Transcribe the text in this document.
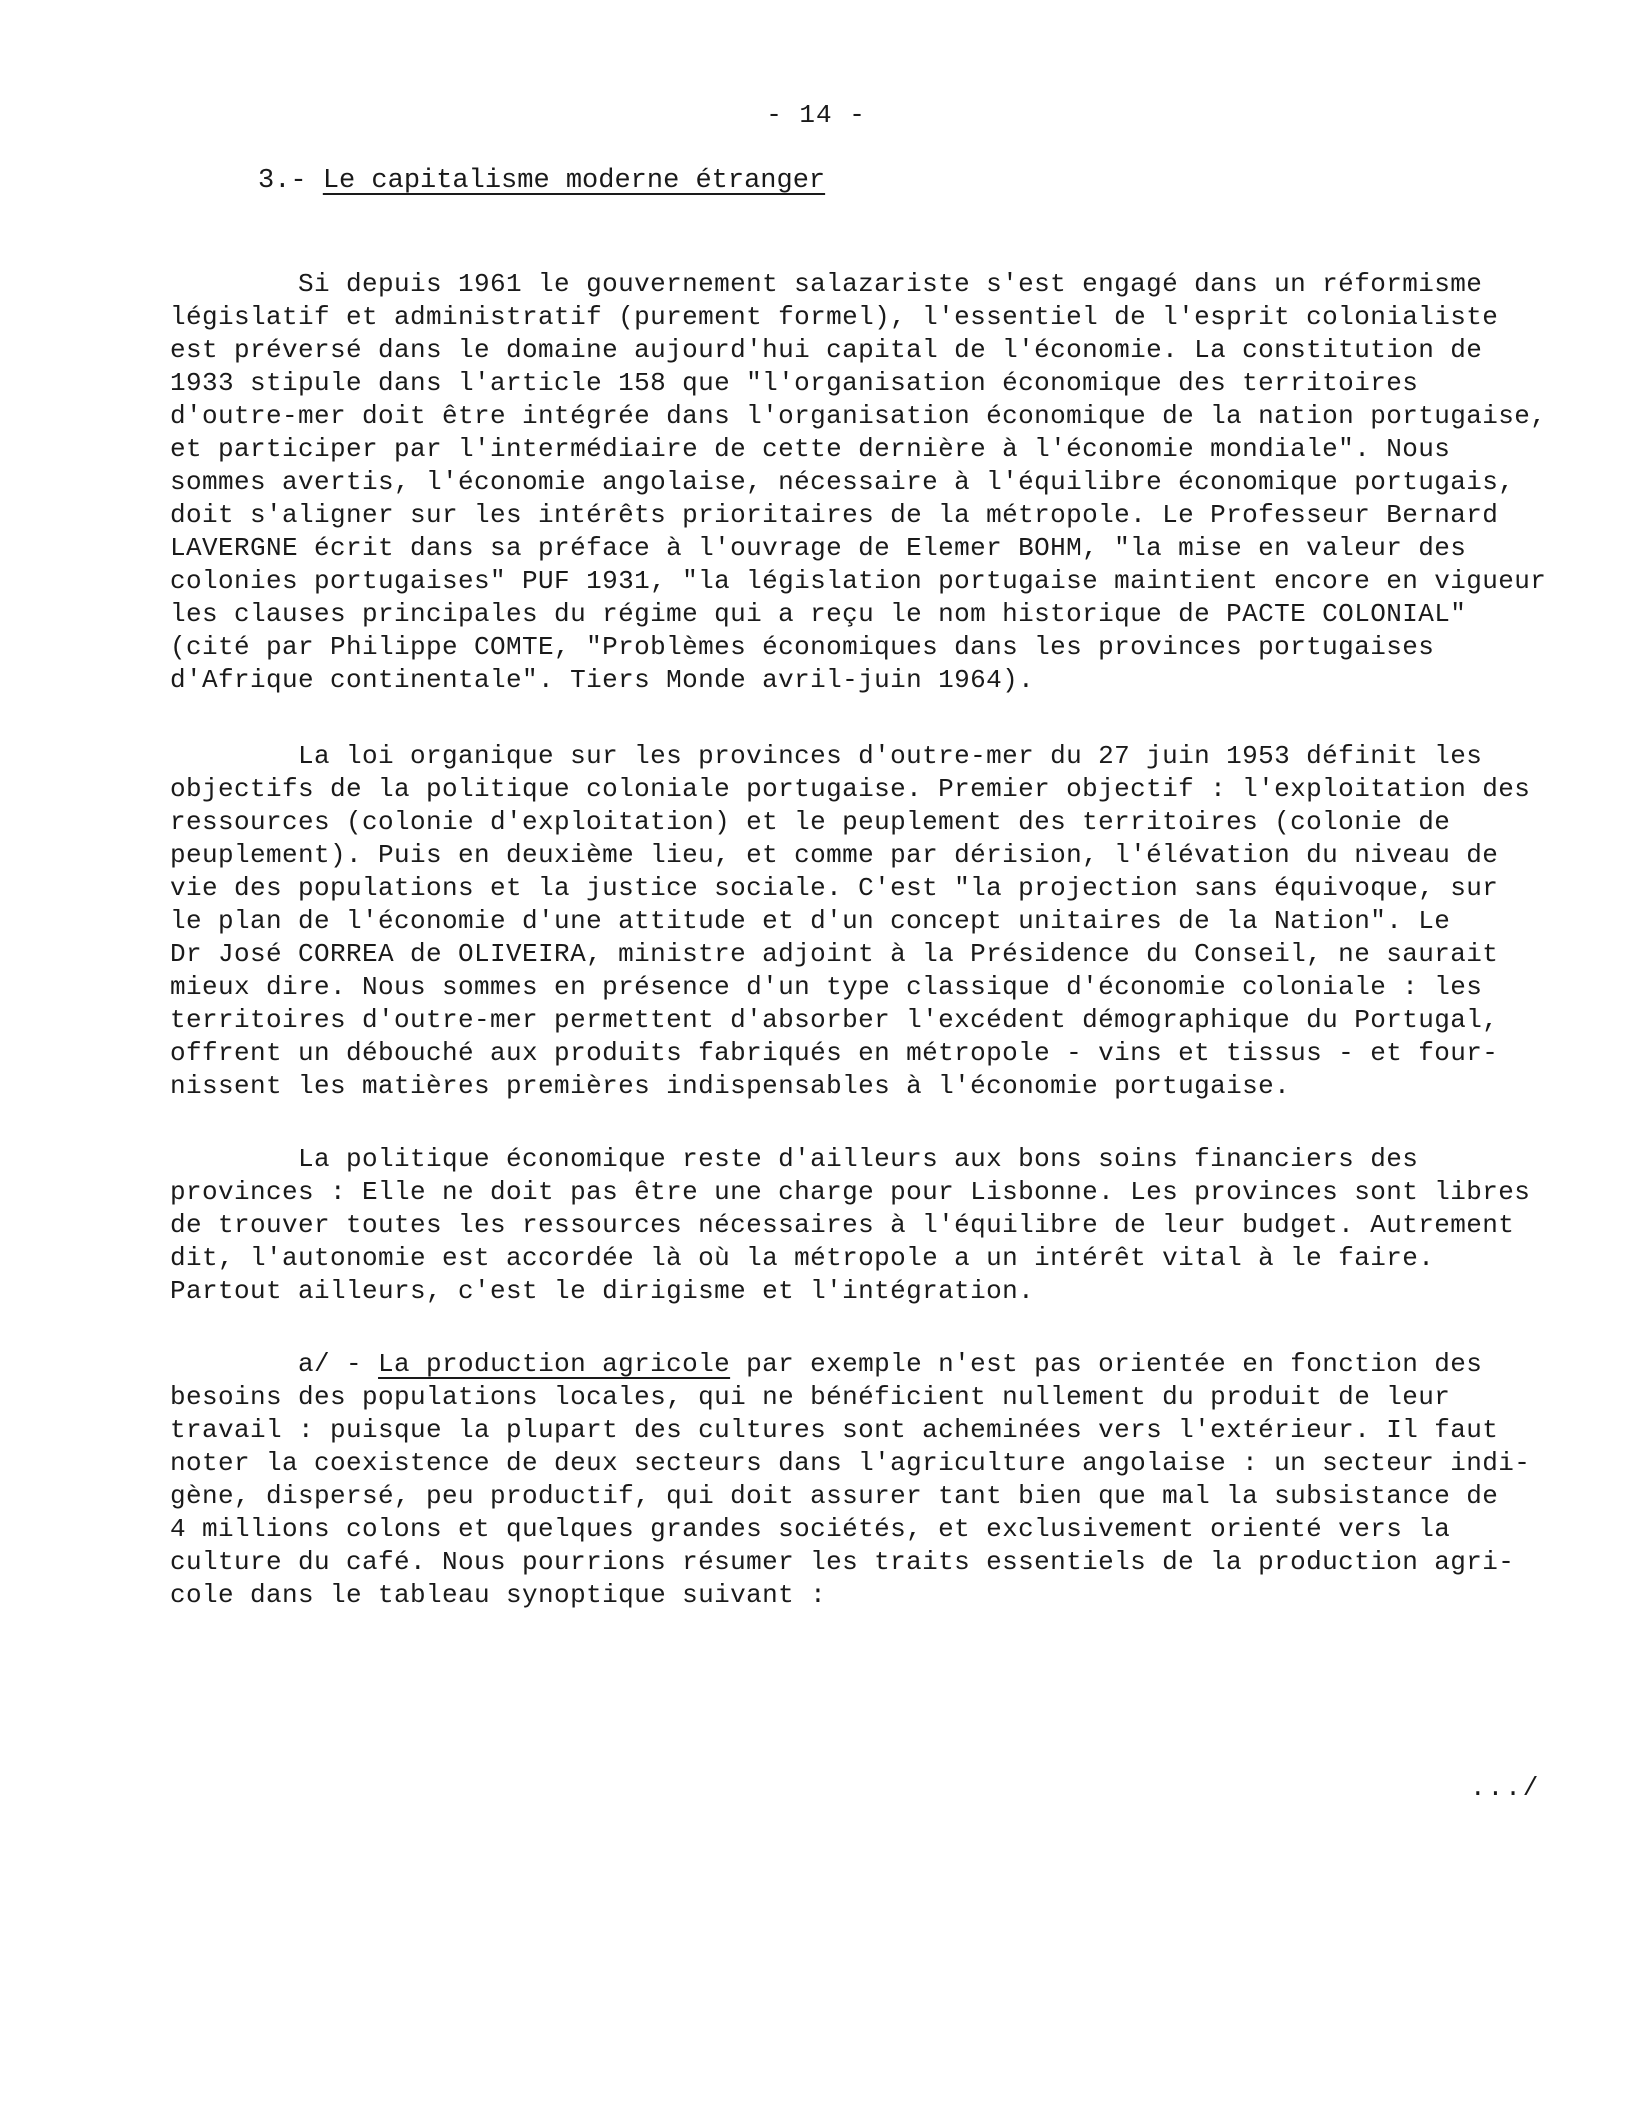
- 14 -
3.- Le capitalisme moderne étranger

Si depuis 1961 le gouvernement salazariste s'est engagé dans un réformisme

législatif et administratif (purement formel), l'essentiel de l'esprit colonialiste

est préversé dans le domaine aujourd'hui capital de l'économie. La constitution de

1933 stipule dans l'article 158 que "l'organisation économique des territoires

d'outre-mer doit être intégrée dans l'organisation économique de la nation portugaise,

et participer par l'intermédiaire de cette dernière à l'économie mondiale". Nous

sommes avertis, l'économie angolaise, nécessaire à l'équilibre économique portugais,

doit s'aligner sur les intérêts prioritaires de la métropole. Le Professeur Bernard

LAVERGNE écrit dans sa préface à l'ouvrage de Elemer BOHM, "la mise en valeur des

colonies portugaises" PUF 1931, "la législation portugaise maintient encore en vigueur

les clauses principales du régime qui a reçu le nom historique de PACTE COLONIAL"

(cité par Philippe COMTE, "Problèmes économiques dans les provinces portugaises

d'Afrique continentale". Tiers Monde avril-juin 1964).

La loi organique sur les provinces d'outre-mer du 27 juin 1953 définit les

objectifs de la politique coloniale portugaise. Premier objectif : l'exploitation des

ressources (colonie d'exploitation) et le peuplement des territoires (colonie de

peuplement). Puis en deuxième lieu, et comme par dérision, l'élévation du niveau de

vie des populations et la justice sociale. C'est "la projection sans équivoque, sur

le plan de l'économie d'une attitude et d'un concept unitaires de la Nation". Le

Dr José CORREA de OLIVEIRA, ministre adjoint à la Présidence du Conseil, ne saurait

mieux dire. Nous sommes en présence d'un type classique d'économie coloniale : les

territoires d'outre-mer permettent d'absorber l'excédent démographique du Portugal,

offrent un débouché aux produits fabriqués en métropole - vins et tissus - et four-

nissent les matières premières indispensables à l'économie portugaise.

La politique économique reste d'ailleurs aux bons soins financiers des

provinces : Elle ne doit pas être une charge pour Lisbonne. Les provinces sont libres

de trouver toutes les ressources nécessaires à l'équilibre de leur budget. Autrement

dit, l'autonomie est accordée là où la métropole a un intérêt vital à le faire.

Partout ailleurs, c'est le dirigisme et l'intégration.

a/ - La production agricole par exemple n'est pas orientée en fonction des

besoins des populations locales, qui ne bénéficient nullement du produit de leur

travail : puisque la plupart des cultures sont acheminées vers l'extérieur. Il faut

noter la coexistence de deux secteurs dans l'agriculture angolaise : un secteur indi-

gène, dispersé, peu productif, qui doit assurer tant bien que mal la subsistance de

4 millions colons et quelques grandes sociétés, et exclusivement orienté vers la

culture du café. Nous pourrions résumer les traits essentiels de la production agri-

cole dans le tableau synoptique suivant :

.../
